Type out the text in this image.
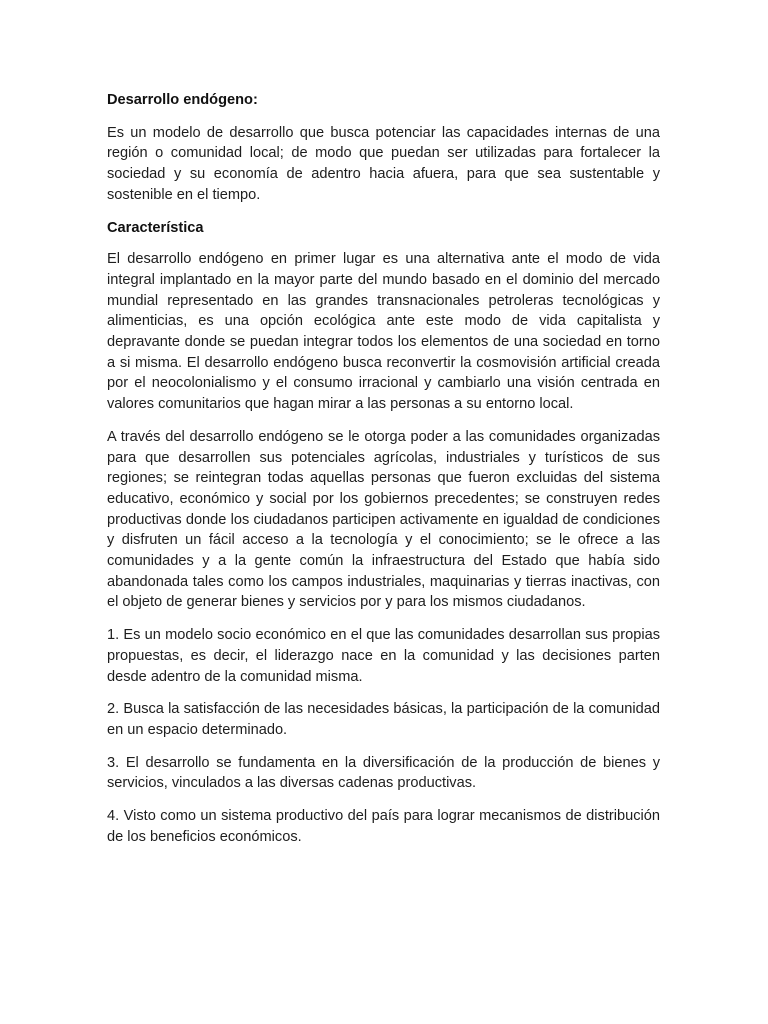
Desarrollo endógeno:

Es un modelo de desarrollo que busca potenciar las capacidades internas de una región o comunidad local; de modo que puedan ser utilizadas para fortalecer la sociedad y su economía de adentro hacia afuera, para que sea sustentable y sostenible en el tiempo.

Característica

El desarrollo endógeno en primer lugar es una alternativa ante el modo de vida integral implantado en la mayor parte del mundo basado en el dominio del mercado mundial representado en las grandes transnacionales petroleras tecnológicas y alimenticias, es una opción ecológica ante este modo de vida capitalista y depravante donde se puedan integrar todos los elementos de una sociedad en torno a si misma. El desarrollo endógeno busca reconvertir la cosmovisión artificial creada por el neocolonialismo y el consumo irracional y cambiarlo una visión centrada en valores comunitarios que hagan mirar a las personas a su entorno local.

A través del desarrollo endógeno se le otorga poder a las comunidades organizadas para que desarrollen sus potenciales agrícolas, industriales y turísticos de sus regiones; se reintegran todas aquellas personas que fueron excluidas del sistema educativo, económico y social por los gobiernos precedentes; se construyen redes productivas donde los ciudadanos participen activamente en igualdad de condiciones y disfruten un fácil acceso a la tecnología y el conocimiento; se le ofrece a las comunidades y a la gente común la infraestructura del Estado que había sido abandonada tales como los campos industriales, maquinarias y tierras inactivas, con el objeto de generar bienes y servicios por y para los mismos ciudadanos.

1. Es un modelo socio económico en el que las comunidades desarrollan sus propias propuestas, es decir, el liderazgo nace en la comunidad y las decisiones parten desde adentro de la comunidad misma.

2. Busca la satisfacción de las necesidades básicas, la participación de la comunidad en un espacio determinado.

3. El desarrollo se fundamenta en la diversificación de la producción de bienes y servicios, vinculados a las diversas cadenas productivas.

4. Visto como un sistema productivo del país para lograr mecanismos de distribución de los beneficios económicos.
